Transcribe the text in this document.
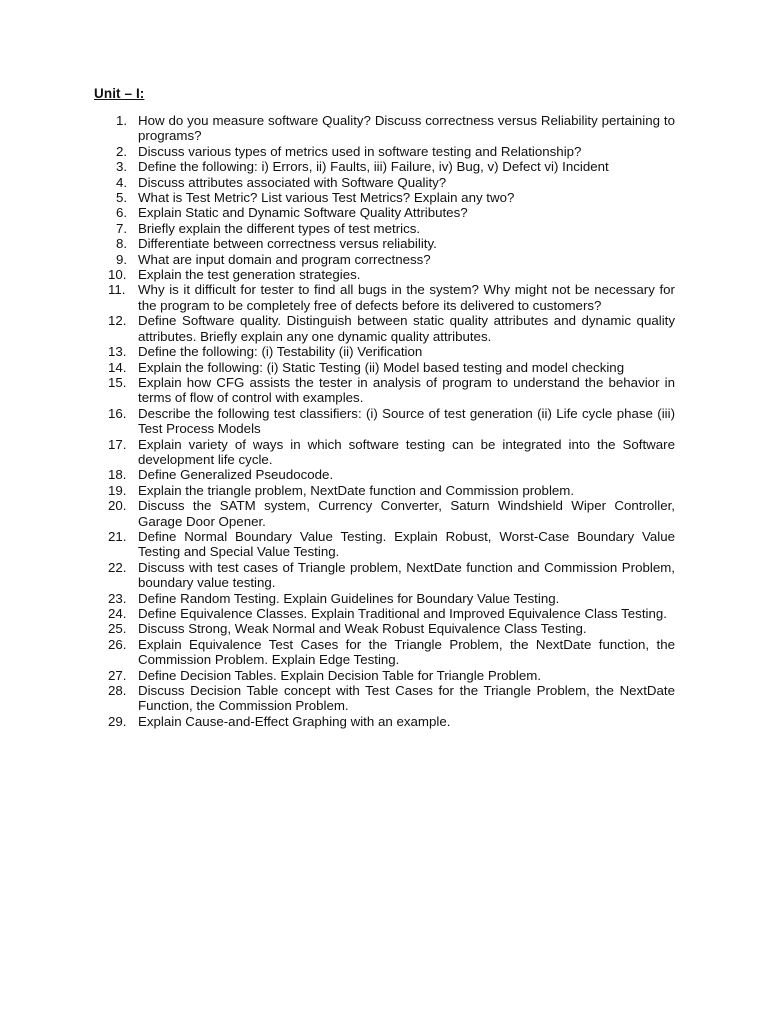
Unit – I:
1. How do you measure software Quality? Discuss correctness versus Reliability pertaining to programs?
2. Discuss various types of metrics used in software testing and Relationship?
3. Define the following: i) Errors, ii) Faults, iii) Failure, iv) Bug, v) Defect vi) Incident
4. Discuss attributes associated with Software Quality?
5. What is Test Metric? List various Test Metrics? Explain any two?
6. Explain Static and Dynamic Software Quality Attributes?
7. Briefly explain the different types of test metrics.
8. Differentiate between correctness versus reliability.
9. What are input domain and program correctness?
10. Explain the test generation strategies.
11. Why is it difficult for tester to find all bugs in the system? Why might not be necessary for the program to be completely free of defects before its delivered to customers?
12. Define Software quality. Distinguish between static quality attributes and dynamic quality attributes. Briefly explain any one dynamic quality attributes.
13. Define the following: (i) Testability (ii) Verification
14. Explain the following: (i) Static Testing (ii) Model based testing and model checking
15. Explain how CFG assists the tester in analysis of program to understand the behavior in terms of flow of control with examples.
16. Describe the following test classifiers: (i) Source of test generation (ii) Life cycle phase (iii) Test Process Models
17. Explain variety of ways in which software testing can be integrated into the Software development life cycle.
18. Define Generalized Pseudocode.
19. Explain the triangle problem, NextDate function and Commission problem.
20. Discuss the SATM system, Currency Converter, Saturn Windshield Wiper Controller, Garage Door Opener.
21. Define Normal Boundary Value Testing. Explain Robust, Worst-Case Boundary Value Testing and Special Value Testing.
22. Discuss with test cases of Triangle problem, NextDate function and Commission Problem, boundary value testing.
23. Define Random Testing. Explain Guidelines for Boundary Value Testing.
24. Define Equivalence Classes. Explain Traditional and Improved Equivalence Class Testing.
25. Discuss Strong, Weak Normal and Weak Robust Equivalence Class Testing.
26. Explain Equivalence Test Cases for the Triangle Problem, the NextDate function, the Commission Problem. Explain Edge Testing.
27. Define Decision Tables. Explain Decision Table for Triangle Problem.
28. Discuss Decision Table concept with Test Cases for the Triangle Problem, the NextDate Function, the Commission Problem.
29. Explain Cause-and-Effect Graphing with an example.
